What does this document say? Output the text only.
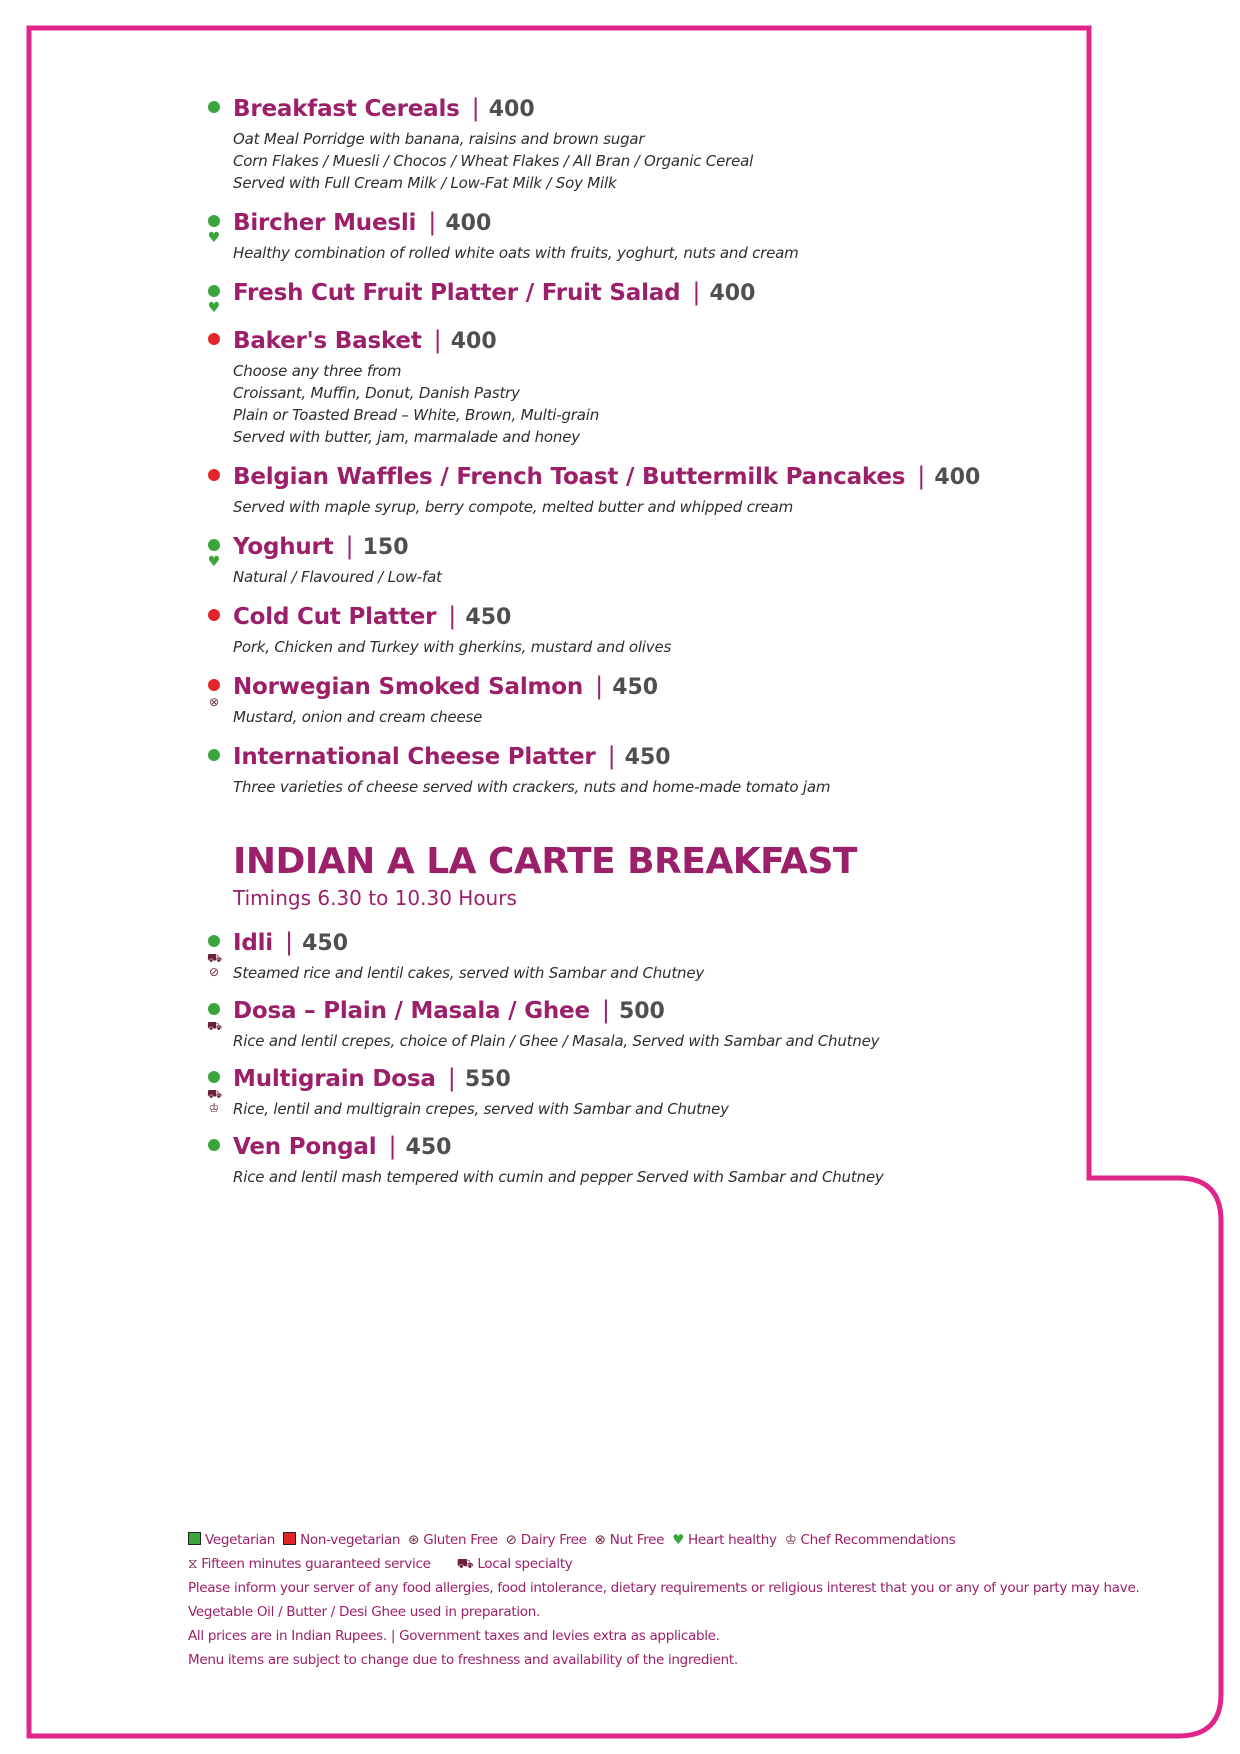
Breakfast Cereals | 400
Oat Meal Porridge with banana, raisins and brown sugar
Corn Flakes / Muesli / Chocos / Wheat Flakes / All Bran / Organic Cereal
Served with Full Cream Milk / Low-Fat Milk / Soy Milk
♥
Bircher Muesli | 400
Healthy combination of rolled white oats with fruits, yoghurt, nuts and cream
♥
Fresh Cut Fruit Platter / Fruit Salad | 400
Baker's Basket | 400
Choose any three from
Croissant, Muffin, Donut, Danish Pastry
Plain or Toasted Bread – White, Brown, Multi-grain
Served with butter, jam, marmalade and honey
Belgian Waffles / French Toast / Buttermilk Pancakes | 400
Served with maple syrup, berry compote, melted butter and whipped cream
♥
Yoghurt | 150
Natural / Flavoured / Low-fat
Cold Cut Platter | 450
Pork, Chicken and Turkey with gherkins, mustard and olives
⊗
Norwegian Smoked Salmon | 450
Mustard, onion and cream cheese
International Cheese Platter | 450
Three varieties of cheese served with crackers, nuts and home-made tomato jam
INDIAN A LA CARTE BREAKFAST
Timings 6.30 to 10.30 Hours
⛟
⊘
Idli | 450
Steamed rice and lentil cakes, served with Sambar and Chutney
⛟
Dosa – Plain / Masala / Ghee | 500
Rice and lentil crepes, choice of Plain / Ghee / Masala, Served with Sambar and Chutney
⛟
♔
Multigrain Dosa | 550
Rice, lentil and multigrain crepes, served with Sambar and Chutney
Ven Pongal | 450
Rice and lentil mash tempered with cumin and pepper Served with Sambar and Chutney
Vegetarian Non-vegetarian ⊛ Gluten Free ⊘ Dairy Free ⊗ Nut Free ♥ Heart healthy ♔ Chef Recommendations
⧖ Fifteen minutes guaranteed service ⛟ Local specialty
Please inform your server of any food allergies, food intolerance, dietary requirements or religious interest that you or any of your party may have.
Vegetable Oil / Butter / Desi Ghee used in preparation.
All prices are in Indian Rupees. | Government taxes and levies extra as applicable.
Menu items are subject to change due to freshness and availability of the ingredient.
